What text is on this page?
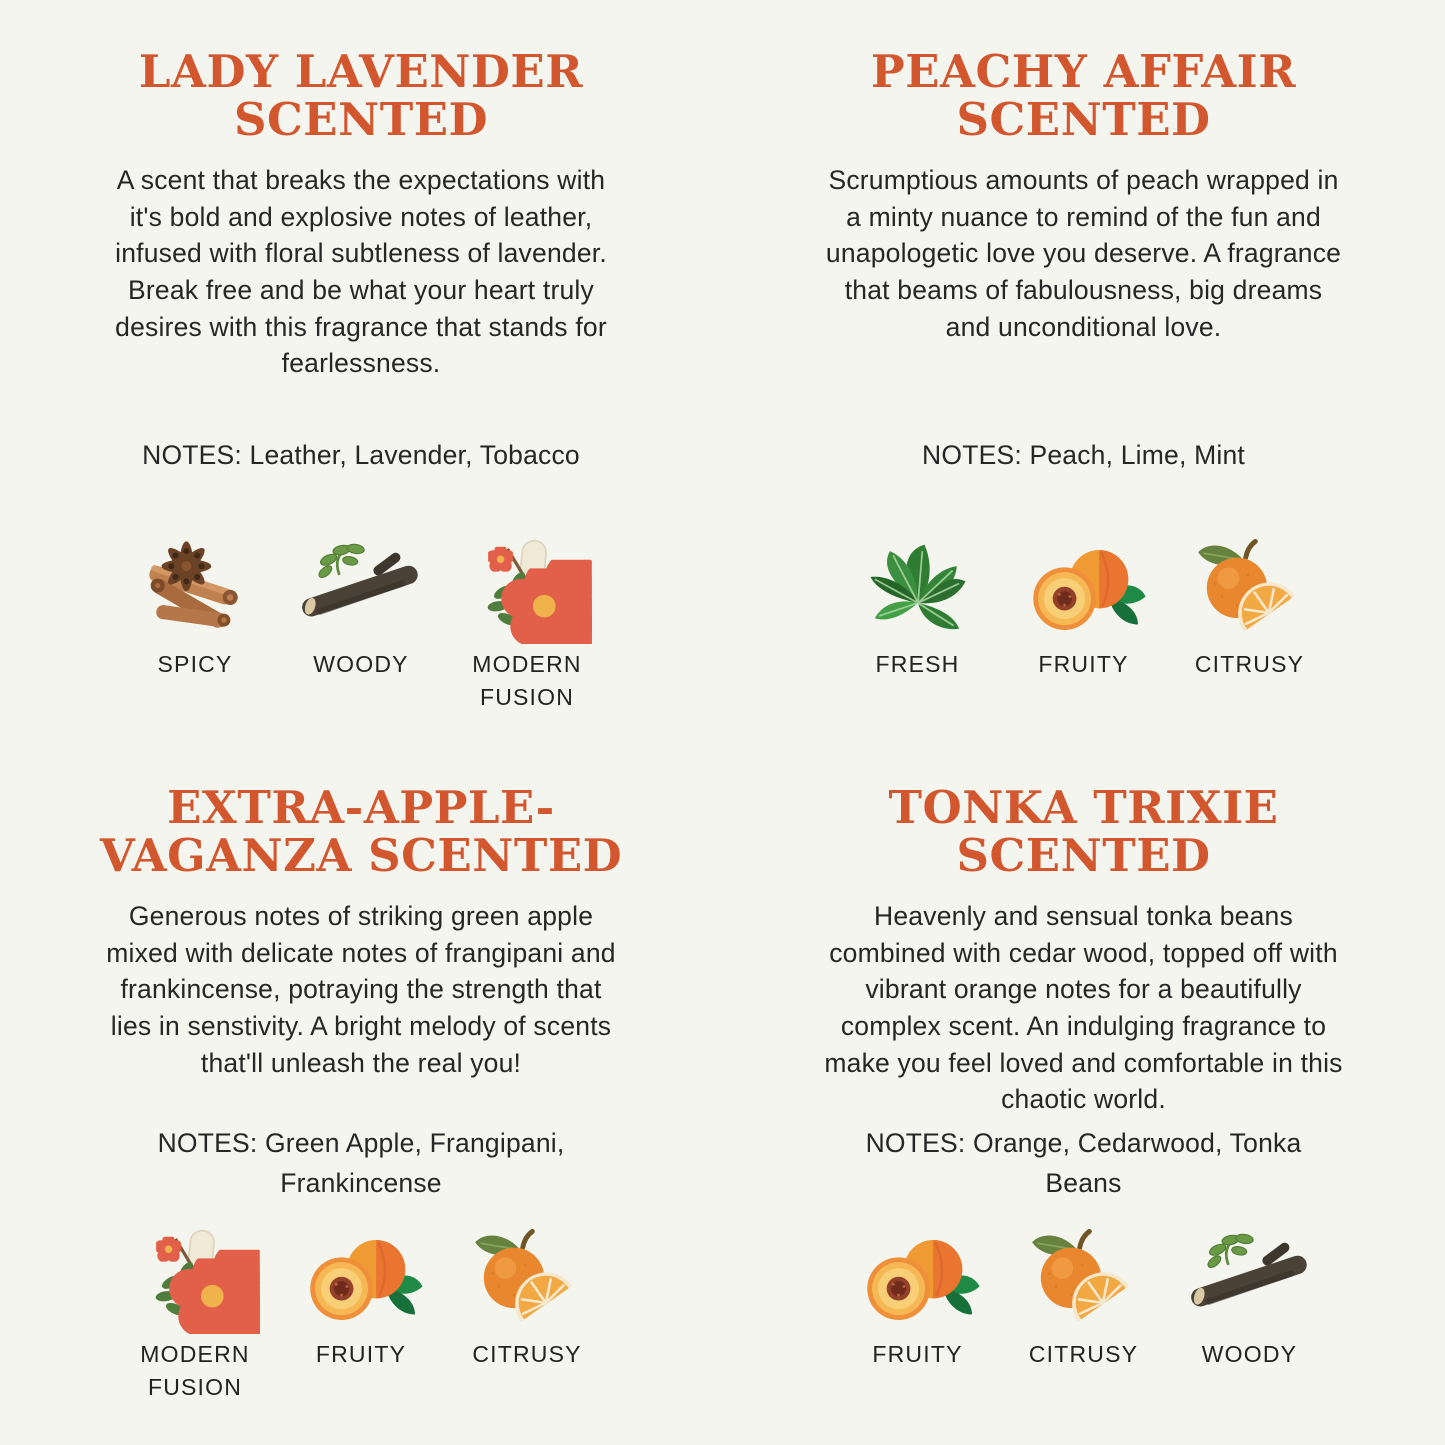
LADY LAVENDER
SCENTED

A scent that breaks the expectations with it's bold and explosive notes of leather, infused with floral subtleness of lavender. Break free and be what your heart truly desires with this fragrance that stands for fearlessness.

NOTES: Leather, Lavender, Tobacco

SPICY	WOODY	MODERN FUSION
PEACHY AFFAIR
SCENTED

Scrumptious amounts of peach wrapped in a minty nuance to remind of the fun and unapologetic love you deserve. A fragrance that beams of fabulousness, big dreams and unconditional love.

NOTES: Peach, Lime, Mint

FRESH	FRUITY	CITRUSY
EXTRA-APPLE-
VAGANZA SCENTED

Generous notes of striking green apple mixed with delicate notes of frangipani and frankincense, potraying the strength that lies in senstivity. A bright melody of scents that'll unleash the real you!

NOTES: Green Apple, Frangipani, Frankincense

MODERN FUSION
FRUITY	CITRUSY
TONKA TRIXIE
SCENTED

Heavenly and sensual tonka beans combined with cedar wood, topped off with vibrant orange notes for a beautifully complex scent. An indulging fragrance to make you feel loved and comfortable in this chaotic world.

NOTES: Orange, Cedarwood, Tonka Beans

FRUITY	CITRUSY	WOODY
